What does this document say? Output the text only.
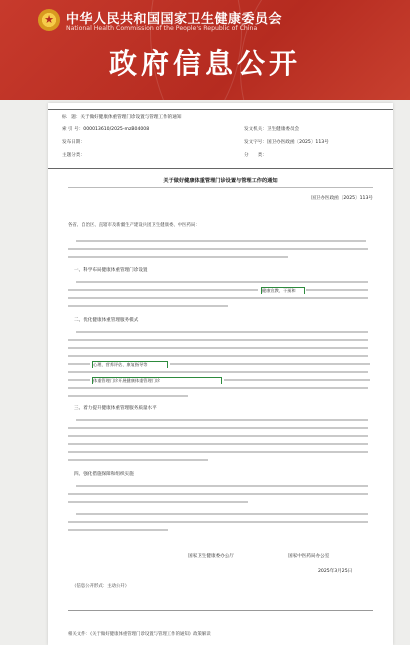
★ 中华人民共和国国家卫生健康委员会
National Health Commission of the People's Republic of China
政府信息公开
标　题：关于做好健康体重管理门诊设置与管理工作的通知
索 引 号：000013610/2025-mzB04008	发文机关：卫生健康委员会
发布日期：	发文字号：国卫办医政函〔2025〕113号
主题分类：	分　　类：
关于做好健康体重管理门诊设置与管理工作的通知
国卫办医政函〔2025〕113号
各省、自治区、直辖市及新疆生产建设兵团卫生健康委、中医药局：
一、科学布局健康体重管理门诊设置
健康宣教、干预和
二、优化健康体重管理服务模式
心理、营养评估、康复指导等
体重管理门诊开展健康体重管理门诊
三、着力提升健康体重管理服务质量水平
四、强化措施保障和组织实施
国家卫生健康委办公厅	国家中医药局办公室
2025年3月25日
（信息公开形式：主动公开）
相关文件：《关于做好健康体重管理门诊设置与管理工作的通知》政策解读
